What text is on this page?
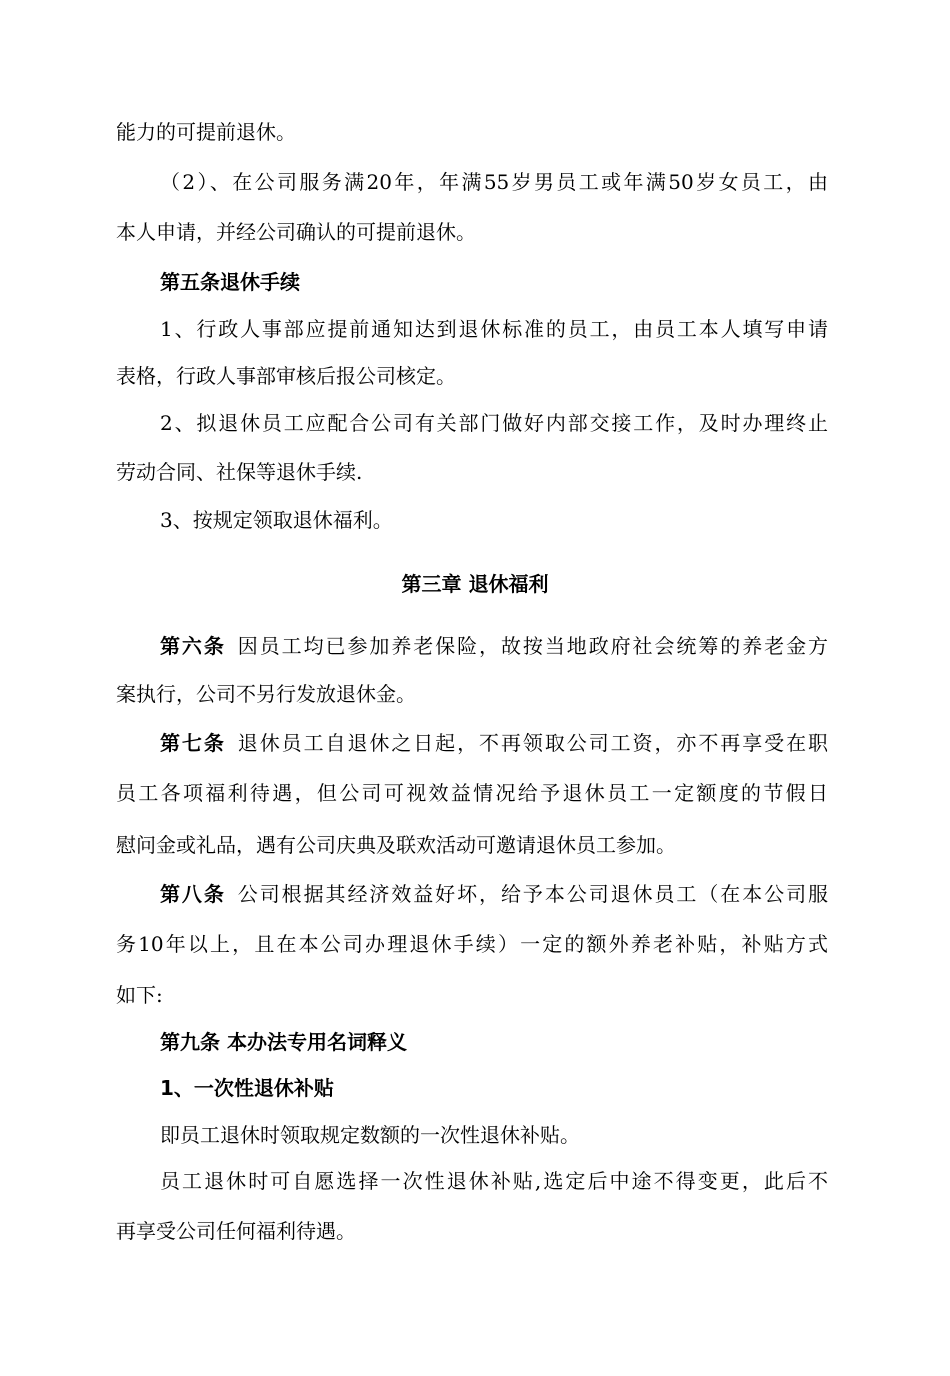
能力的可提前退休。
（2）、在公司服务满20年，年满55岁男员工或年满50岁女员工，由
本人申请，并经公司确认的可提前退休。
第五条退休手续
1、行政人事部应提前通知达到退休标准的员工，由员工本人填写申请
表格，行政人事部审核后报公司核定。
2、拟退休员工应配合公司有关部门做好内部交接工作，及时办理终止
劳动合同、社保等退休手续.
3、按规定领取退休福利。
第三章 退休福利
第六条 因员工均已参加养老保险，故按当地政府社会统筹的养老金方
案执行，公司不另行发放退休金。
第七条 退休员工自退休之日起，不再领取公司工资，亦不再享受在职
员工各项福利待遇，但公司可视效益情况给予退休员工一定额度的节假日
慰问金或礼品，遇有公司庆典及联欢活动可邀请退休员工参加。
第八条 公司根据其经济效益好坏，给予本公司退休员工（在本公司服
务10年以上，且在本公司办理退休手续）一定的额外养老补贴，补贴方式
如下:
第九条 本办法专用名词释义
1、一次性退休补贴
即员工退休时领取规定数额的一次性退休补贴。
员工退休时可自愿选择一次性退休补贴,选定后中途不得变更，此后不
再享受公司任何福利待遇。
